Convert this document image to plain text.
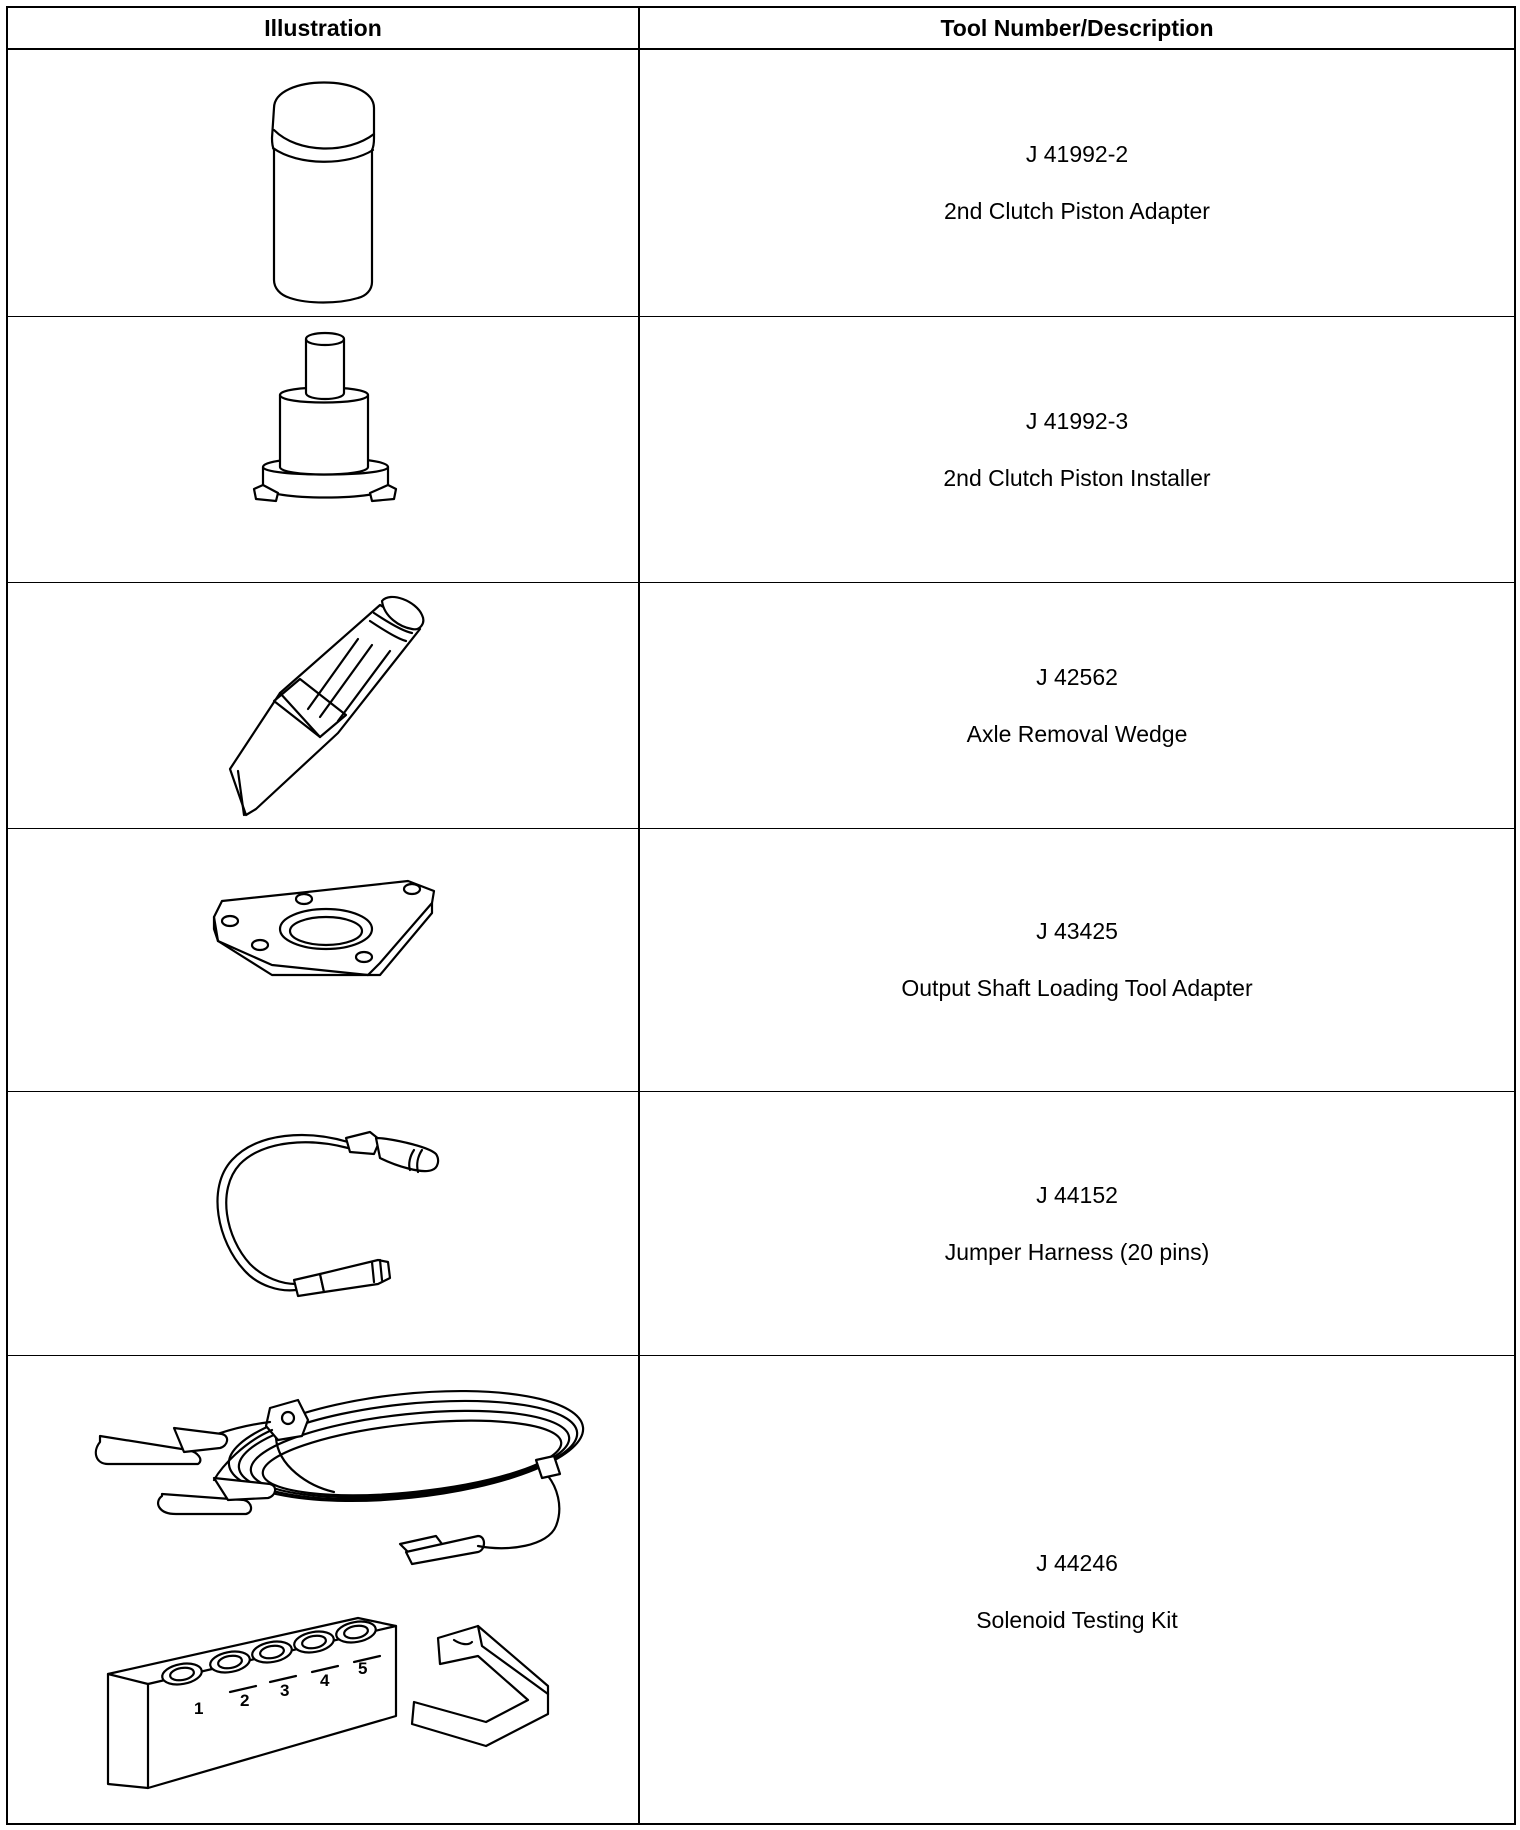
Illustration	Tool Number/Description
J 41992-2
2nd Clutch Piston Adapter
J 41992-3
2nd Clutch Piston Installer
J 42562
Axle Removal Wedge
J 43425
Output Shaft Loading Tool Adapter
J 44152
Jumper Harness (20 pins)
1 2
3
4
5
J 44246
Solenoid Testing Kit
